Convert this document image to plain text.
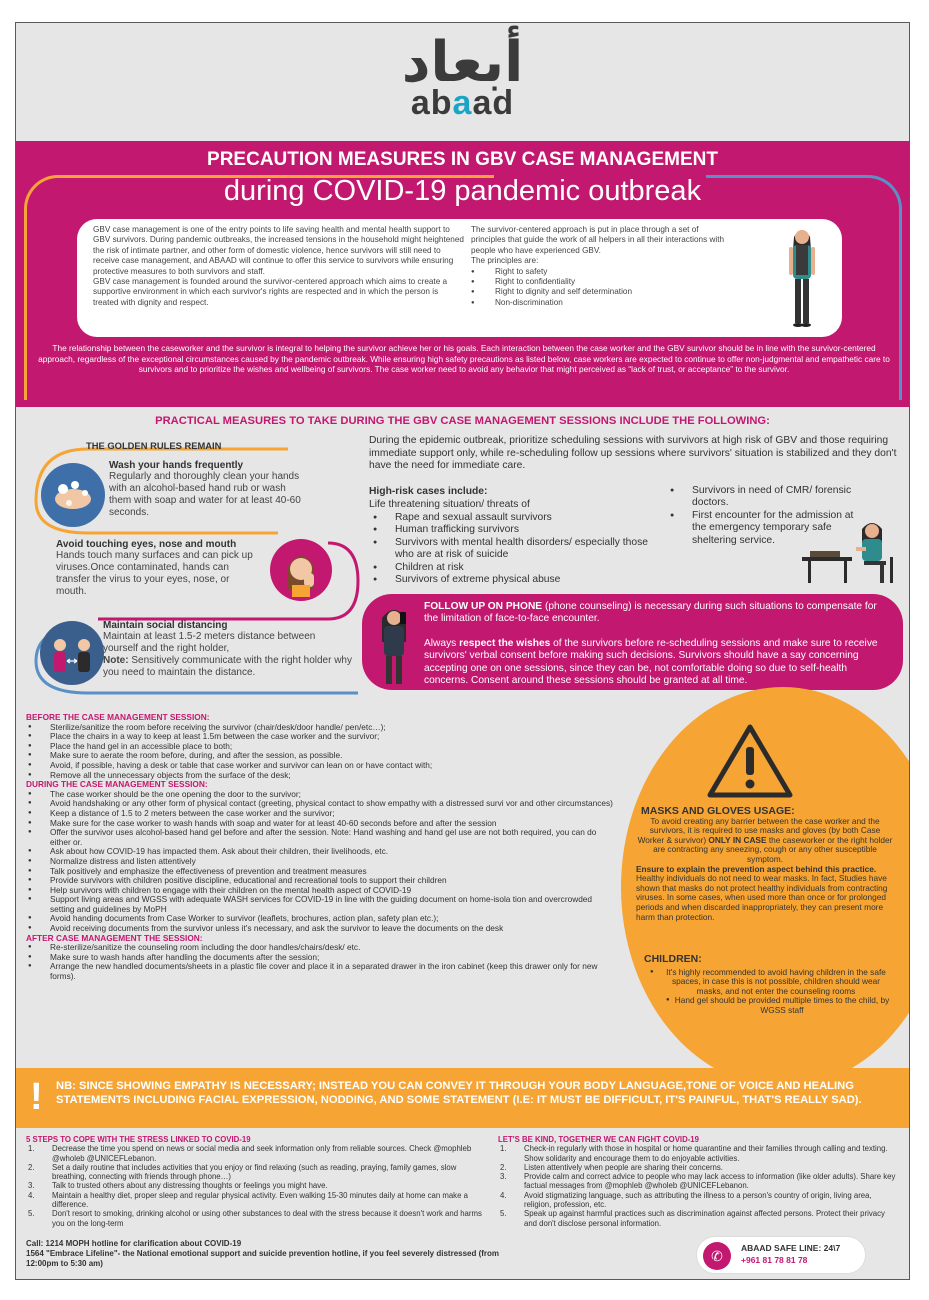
أبعاد
abaad
PRECAUTION MEASURES IN GBV CASE MANAGEMENT
during COVID-19 pandemic outbreak

GBV case management is one of the entry points to life saving health and mental health support to GBV survivors. During pandemic outbreaks, the increased tensions in the household might heightened the risk of intimate partner, and other form of domestic violence, hence survivors will still need to receive case management, and ABAAD will continue to offer this service to survivors while ensuring protective measures to both survivors and staff.

GBV case management is founded around the survivor-centered approach which aims to create a supportive environment in which each survivor's rights are respected and in which the person is treated with dignity and respect.

The survivor-centered approach is put in place through a set of principles that guide the work of all helpers in all their interactions with people who have experienced GBV.

The principles are:

● Right to safety
● Right to confidentiality
● Right to dignity and self determination
● Non-discrimination
The relationship between the caseworker and the survivor is integral to helping the survivor achieve her or his goals. Each interaction between the case worker and the GBV survivor should be in line with the survivor-centered approach, regardless of the exceptional circumstances caused by the pandemic outbreak. While ensuring high safety precautions as listed below, case workers are expected to continue to offer non-judgmental and empathetic care to survivors and to prioritize the wishes and wellbeing of survivors. The case worker need to avoid any behavior that might perceived as “lack of trust, or acceptance” to the survivor.
PRACTICAL MEASURES TO TAKE DURING THE GBV CASE MANAGEMENT SESSIONS INCLUDE THE FOLLOWING:
THE GOLDEN RULES REMAIN
Wash your hands frequently
Regularly and thoroughly clean your hands with an alcohol-based hand rub or wash them with soap and water for at least 40-60 seconds.
Avoid touching eyes, nose and mouth
Hands touch many surfaces and can pick up viruses.Once contaminated, hands can transfer the virus to your eyes, nose, or mouth.
Maintain social distancing
Maintain at least 1.5-2 meters distance between yourself and the right holder,
Note: Sensitively communicate with the right holder why you need to maintain the distance.
During the epidemic outbreak, prioritize scheduling sessions with survivors at high risk of GBV and those requiring immediate support only, while re-scheduling follow up sessions where survivors' situation is stabilized and they don't have the need for immediate care.
High-risk cases include:
Life threatening situation/ threats of
● Rape and sexual assault survivors
● Human trafficking survivors
● Survivors with mental health disorders/ especially those who are at risk of suicide
● Children at risk
● Survivors of extreme physical abuse
● Survivors in need of CMR/ forensic doctors.
● First encounter for the admission at the emergency temporary safe sheltering service.
FOLLOW UP ON PHONE (phone counseling) is necessary during such situations to compensate for the limitation of face-to-face encounter.
Always respect the wishes of the survivors before re-scheduling sessions and make sure to receive survivors' verbal consent before making such decisions. Survivors should have a say concerning accepting one on one sessions, since they can be, not comfortable doing so due to self-health concerns. Consent around these sessions should be granted at all time.
BEFORE THE CASE MANAGEMENT SESSION:
● Sterilize/sanitize the room before receiving the survivor (chair/desk/door handle/ pen/etc…);
● Place the chairs in a way to keep at least 1.5m between the case worker and the survivor;
● Place the hand gel in an accessible place to both;
● Make sure to aerate the room before, during, and after the session, as possible.
● Avoid, if possible, having a desk or table that case worker and survivor can lean on or have contact with;
● Remove all the unnecessary objects from the surface of the desk;
DURING THE CASE MANAGEMENT SESSION:
● The case worker should be the one opening the door to the survivor;
● Avoid handshaking or any other form of physical contact (greeting, physical contact to show empathy with a distressed survi vor and other circumstances)
● Keep a distance of 1.5 to 2 meters between the case worker and the survivor;
● Make sure for the case worker to wash hands with soap and water for at least 40-60 seconds before and after the session
● Offer the survivor uses alcohol-based hand gel before and after the session. Note: Hand washing and hand gel use are not both required, you can do either or.
● Ask about how COVID-19 has impacted them. Ask about their children, their livelihoods, etc.
● Normalize distress and listen attentively
● Talk positively and emphasize the effectiveness of prevention and treatment measures
● Provide survivors with children positive discipline, educational and recreational tools to support their children
● Help survivors with children to engage with their children on the mental health aspect of COVID-19
● Support living areas and WGSS with adequate WASH services for COVID-19 in line with the guiding document on home-isola tion and overcrowded setting and guidelines by MoPH
● Avoid handing documents from Case Worker to survivor (leaflets, brochures, action plan, safety plan etc.);
● Avoid receiving documents from the survivor unless it's necessary, and ask the survivor to leave the documents on the desk
AFTER CASE MANAGEMENT THE SESSION:
● Re-sterilize/sanitize the counseling room including the door handles/chairs/desk/ etc.
● Make sure to wash hands after handling the documents after the session;
● Arrange the new handled documents/sheets in a plastic file cover and place it in a separated drawer in the iron cabinet (keep this drawer only for new forms).
MASKS AND GLOVES USAGE:

To avoid creating any barrier between the case worker and the survivors, it is required to use masks and gloves (by both Case Worker & survivor) ONLY IN CASE the caseworker or the right holder are contracting any sneezing, cough or any other susceptible symptom.

Ensure to explain the prevention aspect behind this practice.

Healthy individuals do not need to wear masks. In fact, Studies have shown that masks do not protect healthy individuals from contracting viruses. In some cases, when used more than once or for prolonged periods and when discarded inappropriately, they can present more harm than protection.

CHILDREN:
● It's highly recommended to avoid having children in the safe spaces, in case this is not possible, children should wear masks, and not enter the counseling rooms
● Hand gel should be provided multiple times to the child, by WGSS staff
! NB: SINCE SHOWING EMPATHY IS NECESSARY; INSTEAD YOU CAN CONVEY IT THROUGH YOUR BODY LANGUAGE,TONE OF VOICE AND HEALING STATEMENTS INCLUDING FACIAL EXPRESSION, NODDING, AND SOME STATEMENT (I.E: IT MUST BE DIFFICULT, IT'S PAINFUL, THAT'S REALLY SAD).
5 STEPS TO COPE WITH THE STRESS LINKED TO COVID-19
1. Decrease the time you spend on news or social media and seek information only from reliable sources. Check @mophleb @wholeb @UNICEFLebanon.
2. Set a daily routine that includes activities that you enjoy or find relaxing (such as reading, praying, family games, slow breathing, connecting with friends through phone…)
3. Talk to trusted others about any distressing thoughts or feelings you might have.
4. Maintain a healthy diet, proper sleep and regular physical activity. Even walking 15-30 minutes daily at home can make a difference.
5. Don't resort to smoking, drinking alcohol or using other substances to deal with the stress because it doesn't work and harms you on the long-term
LET'S BE KIND, TOGETHER WE CAN FIGHT COVID-19
1. Check-in regularly with those in hospital or home quarantine and their families through calling and texting. Show solidarity and encourage them to do enjoyable activities.
2. Listen attentively when people are sharing their concerns.
3. Provide calm and correct advice to people who may lack access to information (like older adults). Share key factual messages from @mophleb @wholeb @UNICEFLebanon.
4. Avoid stigmatizing language, such as attributing the illness to a person's country of origin, living area, religion, profession, etc.
5. Speak up against harmful practices such as discrimination against affected persons. Protect their privacy and don't disclose personal information.
Call: 1214 MOPH hotline for clarification about COVID-19
1564 "Embrace Lifeline"- the National emotional support and suicide prevention hotline, if you feel severely distressed (from 12:00pm to 5:30 am)	✆	ABAAD SAFE LINE: 24\7
+961 81 78 81 78
